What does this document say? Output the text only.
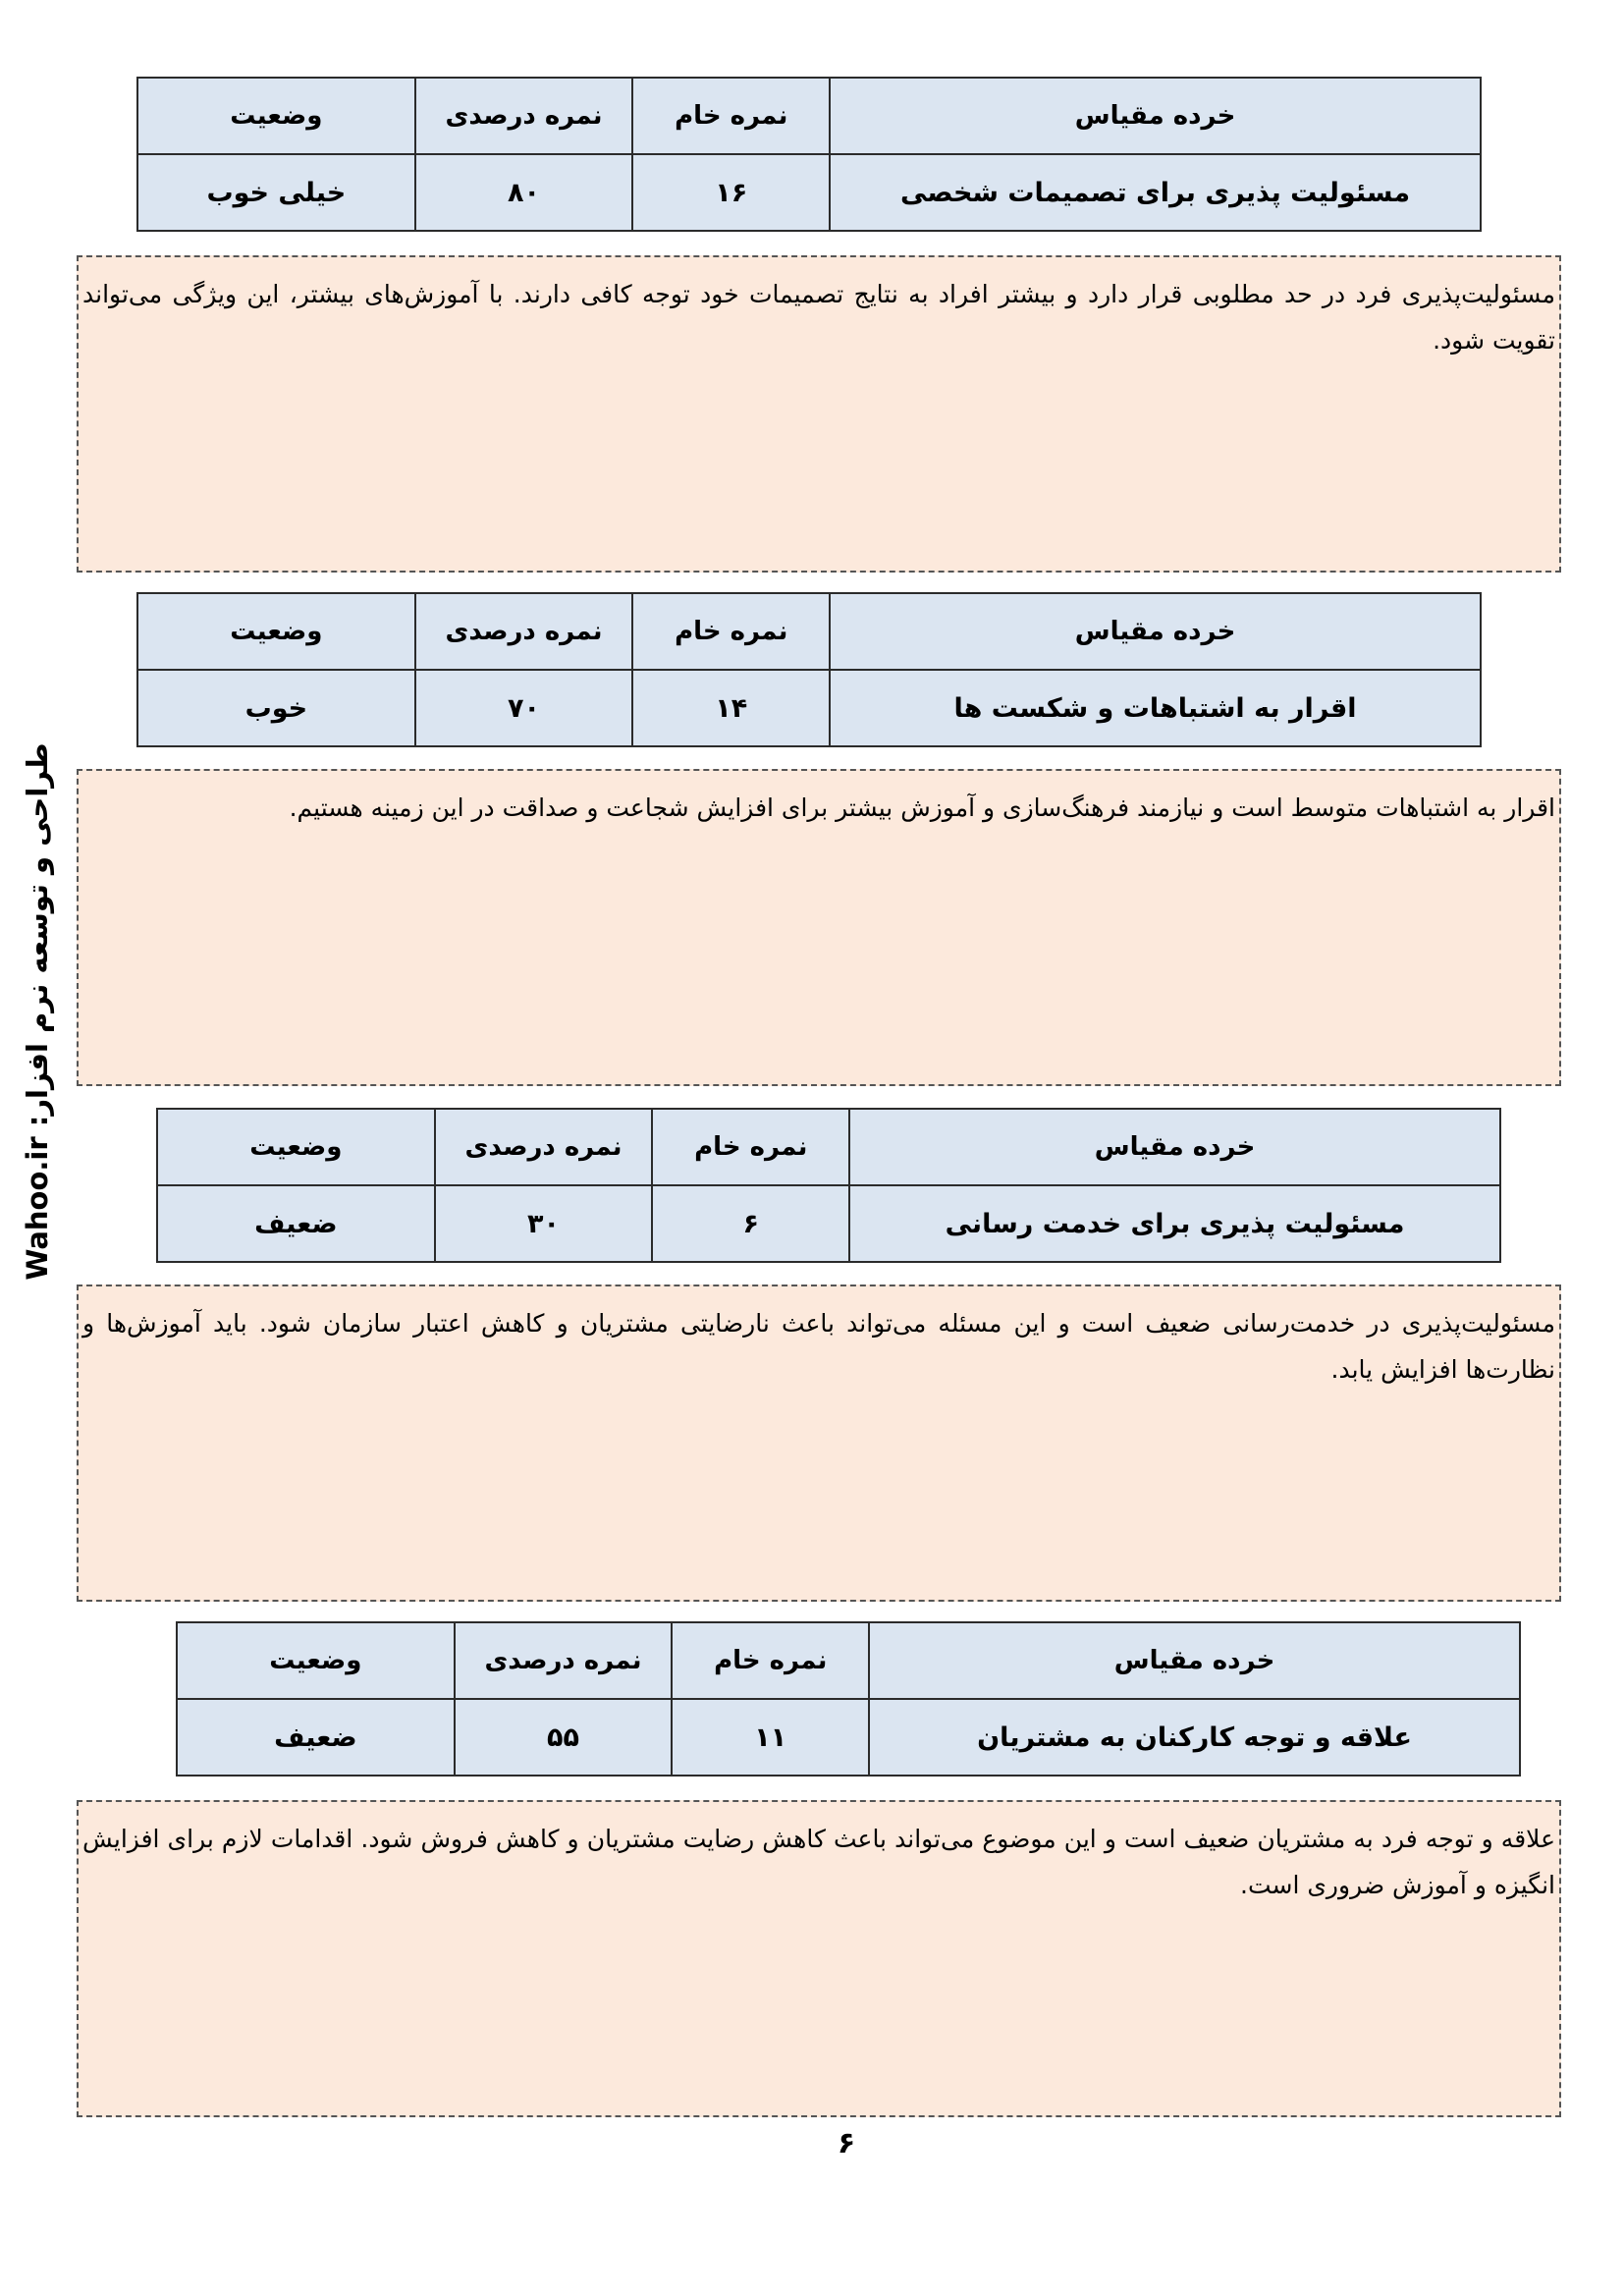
خرده مقیاس	نمره خام	نمره درصدی	وضعیت
مسئولیت پذیری برای تصمیمات شخصی	۱۶	۸۰	خیلی خوب
مسئولیت‌پذیری فرد در حد مطلوبی قرار دارد و بیشتر افراد به نتایج تصمیمات خود توجه کافی دارند. با آموزش‌های بیشتر، این ویژگی می‌تواند تقویت شود.
خرده مقیاس	نمره خام	نمره درصدی	وضعیت
اقرار به اشتباهات و شکست ها	۱۴	۷۰	خوب
اقرار به اشتباهات متوسط است و نیازمند فرهنگ‌سازی و آموزش بیشتر برای افزایش شجاعت و صداقت در این زمینه هستیم.
خرده مقیاس	نمره خام	نمره درصدی	وضعیت
مسئولیت پذیری برای خدمت رسانی	۶	۳۰	ضعیف
مسئولیت‌پذیری در خدمت‌رسانی ضعیف است و این مسئله می‌تواند باعث نارضایتی مشتریان و کاهش اعتبار سازمان شود. باید آموزش‌ها و نظارت‌ها افزایش یابد.
خرده مقیاس	نمره خام	نمره درصدی	وضعیت
علاقه و توجه کارکنان به مشتریان	۱۱	۵۵	ضعیف
علاقه و توجه فرد به مشتریان ضعیف است و این موضوع می‌تواند باعث کاهش رضایت مشتریان و کاهش فروش شود. اقدامات لازم برای افزایش انگیزه و آموزش ضروری است.
طراحی و توسعه نرم افزار: Wahoo.ir
۶
